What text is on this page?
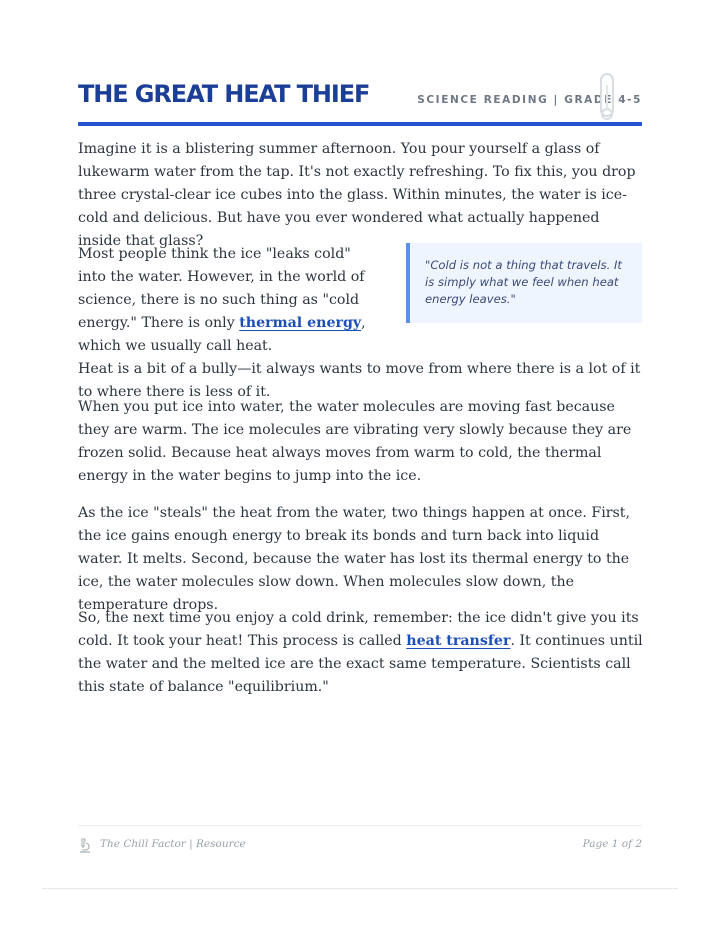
THE GREAT HEAT THIEF	SCIENCE READING | GRADE 4-5

Imagine it is a blistering summer afternoon. You pour yourself a glass of lukewarm water from the tap. It's not exactly refreshing. To fix this, you drop three crystal-clear ice cubes into the glass. Within minutes, the water is ice-cold and delicious. But have you ever wondered what actually happened inside that glass?

Most people think the ice "leaks cold" into the water. However, in the world of science, there is no such thing as "cold energy." There is only thermal energy, which we usually call heat.
Heat is a bit of a bully—it always wants to move from where there is a lot of it to where there is less of it.

"Cold is not a thing that travels. It is simply what we feel when heat energy leaves."

When you put ice into water, the water molecules are moving fast because they are warm. The ice molecules are vibrating very slowly because they are frozen solid. Because heat always moves from warm to cold, the thermal energy in the water begins to jump into the ice.

As the ice "steals" the heat from the water, two things happen at once. First, the ice gains enough energy to break its bonds and turn back into liquid water. It melts. Second, because the water has lost its thermal energy to the ice, the water molecules slow down. When molecules slow down, the temperature drops.

So, the next time you enjoy a cold drink, remember: the ice didn't give you its cold. It took your heat! This process is called heat transfer. It continues until the water and the melted ice are the exact same temperature. Scientists call this state of balance "equilibrium."

The Chill Factor | Resource	Page 1 of 2
